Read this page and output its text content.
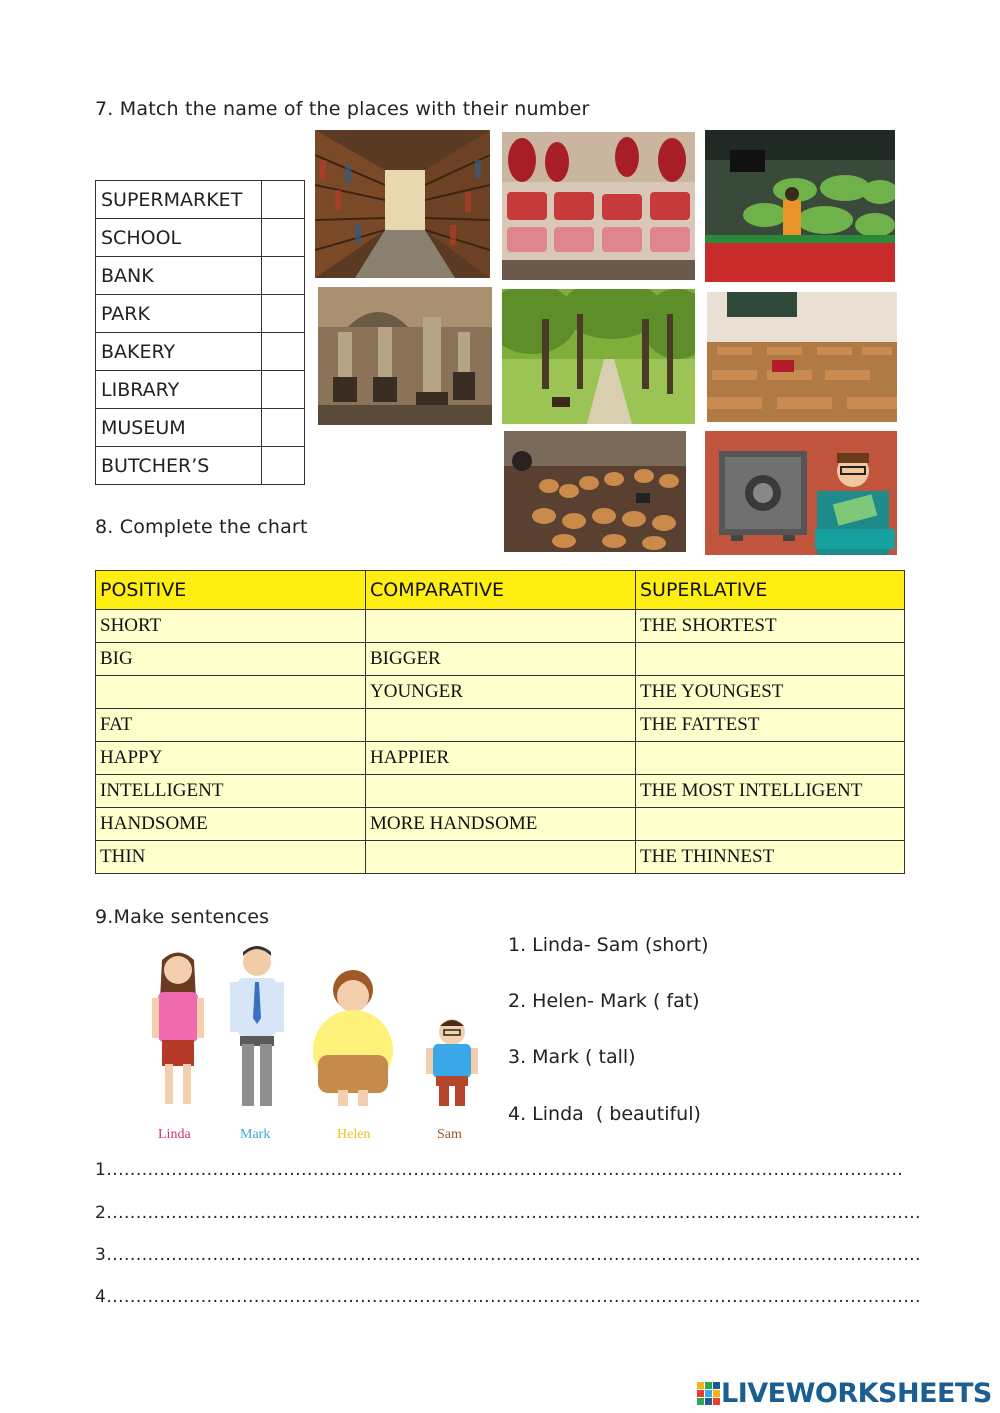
7. Match the name of the places with their number
SUPERMARKET	
SCHOOL	
BANK	
PARK	
BAKERY	
LIBRARY	
MUSEUM	
BUTCHER’S	
8. Complete the chart
POSITIVE	COMPARATIVE	SUPERLATIVE
SHORT		THE SHORTEST
BIG	BIGGER	
	YOUNGER	THE YOUNGEST
FAT		THE FATTEST
HAPPY	HAPPIER	
INTELLIGENT		THE MOST INTELLIGENT
HANDSOME	MORE HANDSOME	
THIN		THE THINNEST
9.Make sentences
Linda	Mark	Helen	Sam
1. Linda- Sam (short)
2. Helen- Mark ( fat)
3. Mark ( tall)
4. Linda  ( beautiful)
1.......................................................................................................................................
2..........................................................................................................................................
3..........................................................................................................................................
4..........................................................................................................................................
LIVEWORKSHEETS
